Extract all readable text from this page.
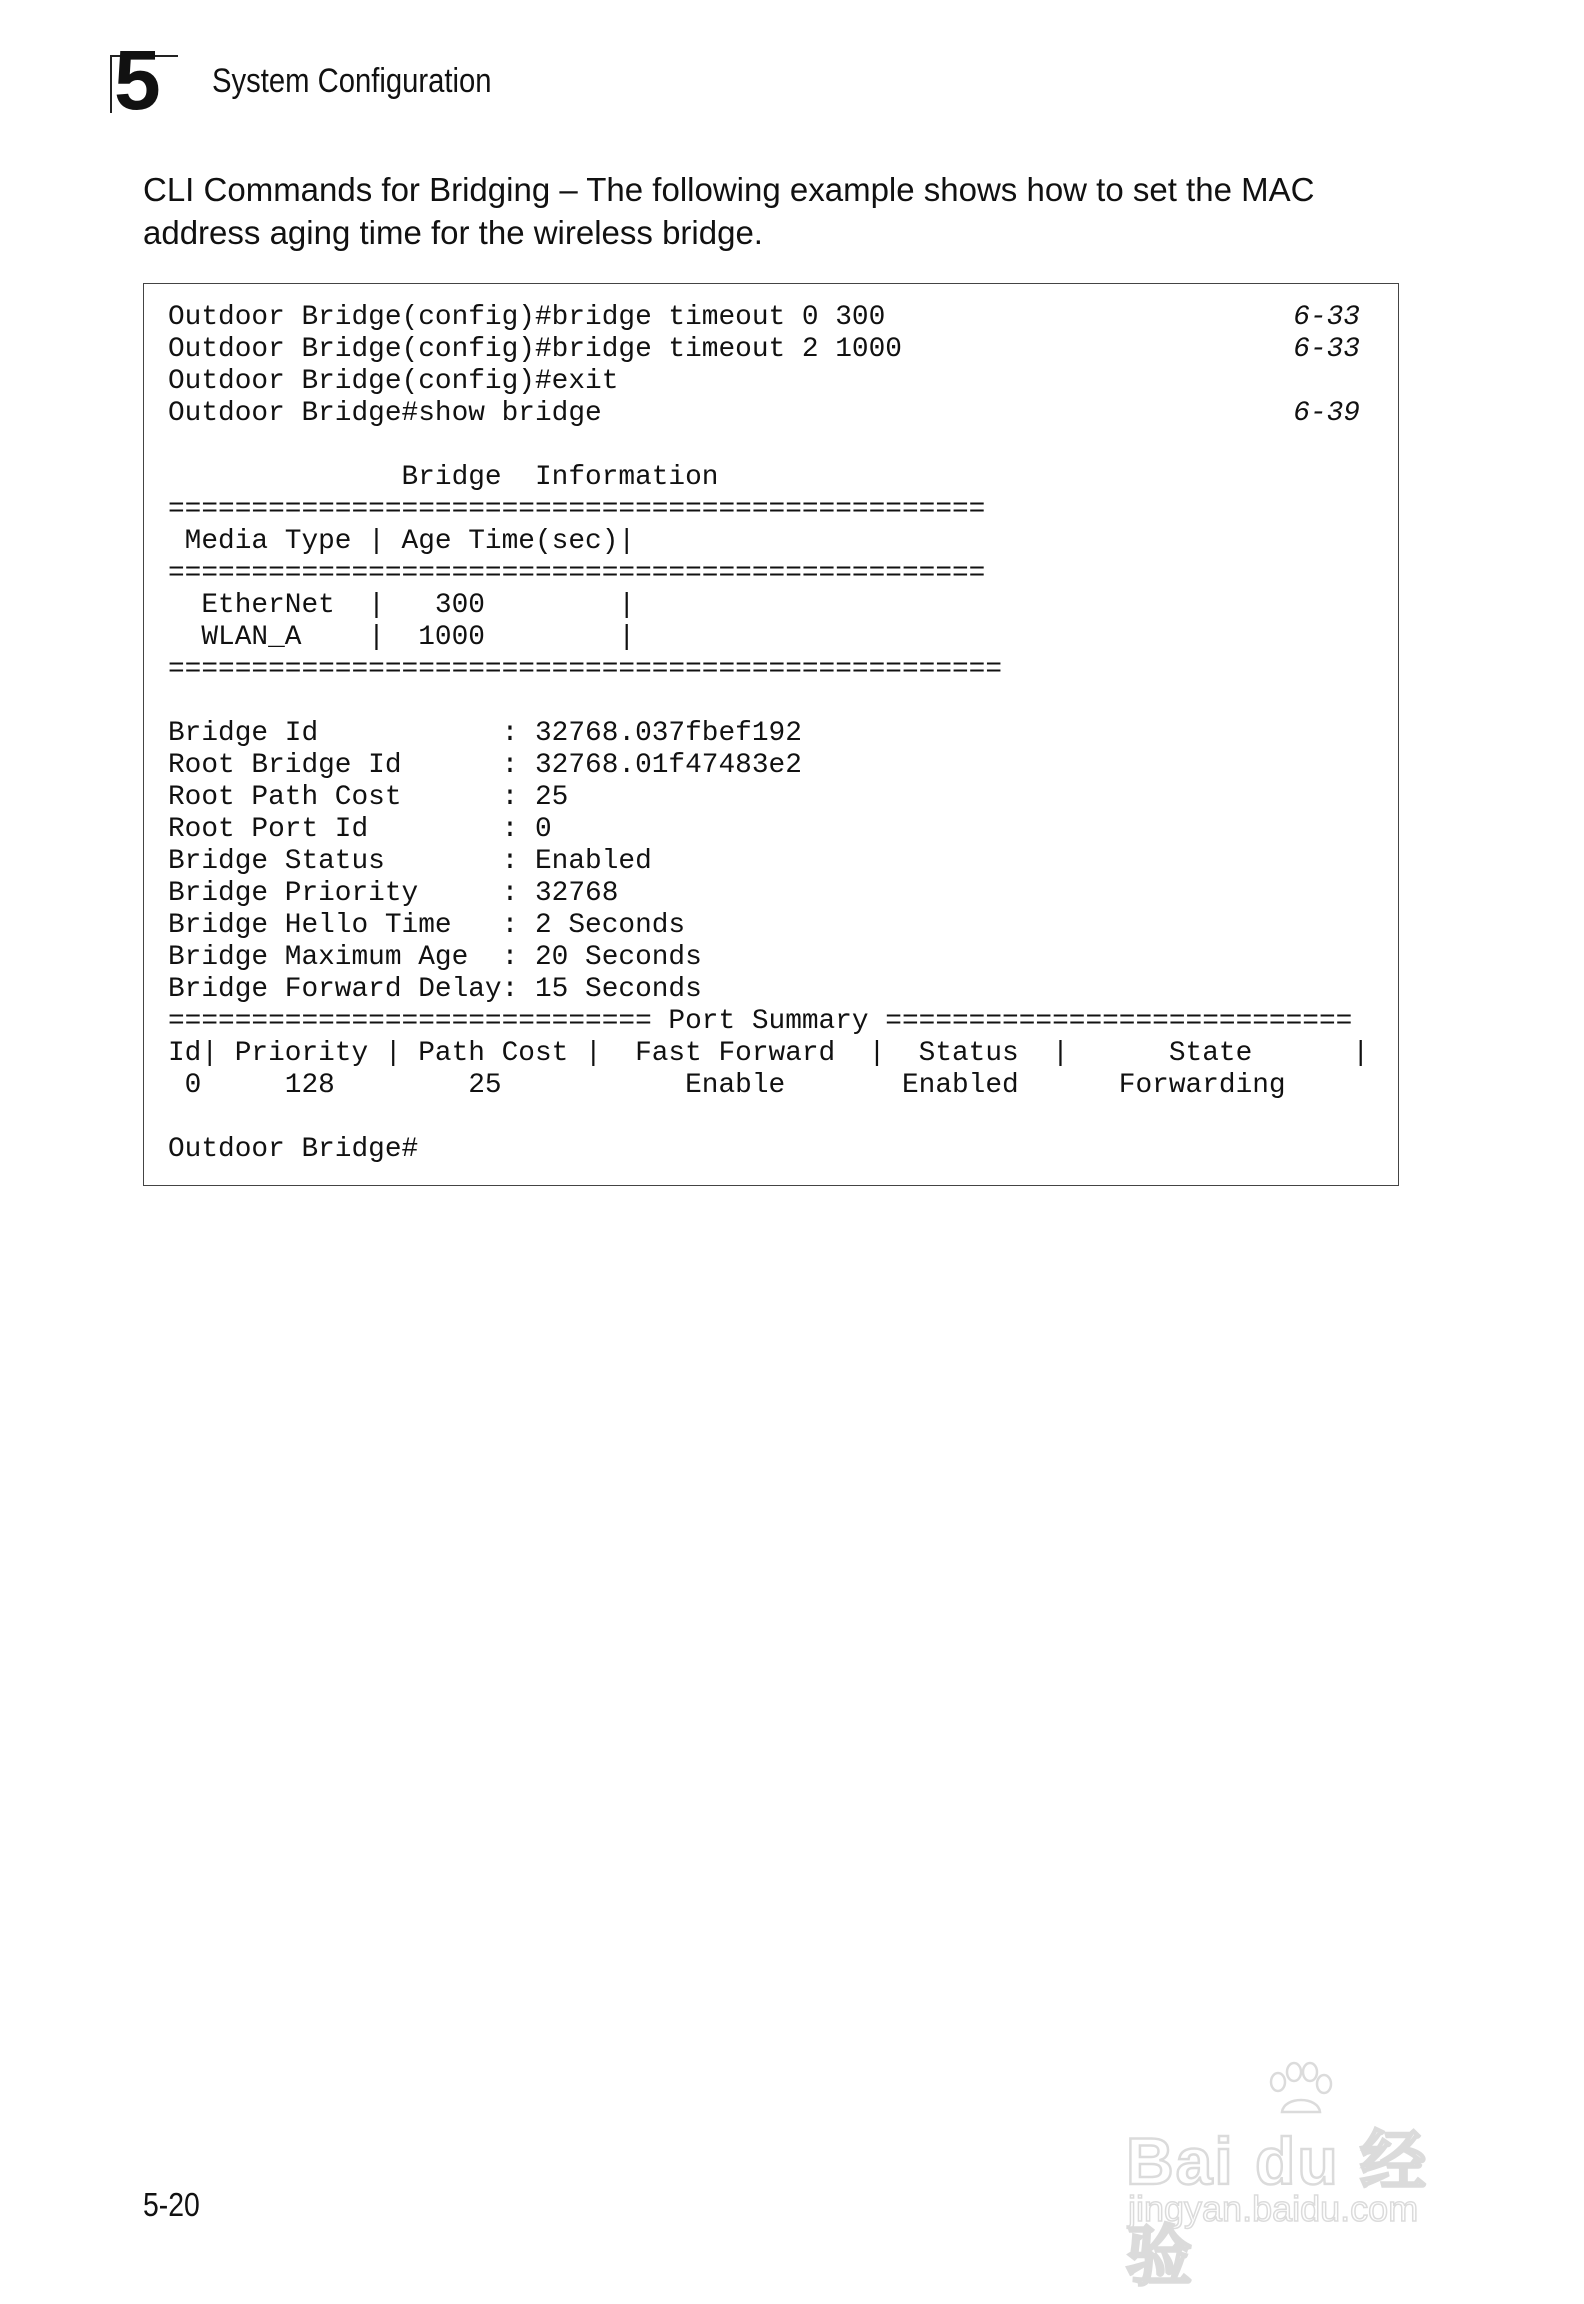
5 System Configuration
CLI Commands for Bridging – The following example shows how to set the MAC address aging time for the wireless bridge.
Outdoor Bridge(config)#bridge timeout 0 300
Outdoor Bridge(config)#bridge timeout 2 1000
Outdoor Bridge(config)#exit
Outdoor Bridge#show bridge

Bridge  Information
=================================================
Media Type | Age Time(sec)|
=================================================
EtherNet  |   300        |
WLAN_A    |  1000        |
==================================================

Bridge Id           : 32768.037fbef192
Root Bridge Id      : 32768.01f47483e2
Root Path Cost      : 25
Root Port Id        : 0
Bridge Status       : Enabled
Bridge Priority     : 32768
Bridge Hello Time   : 2 Seconds
Bridge Maximum Age  : 20 Seconds
Bridge Forward Delay: 15 Seconds
============================= Port Summary ============================
Id| Priority | Path Cost |  Fast Forward  |  Status  |      State      |
0     128        25           Enable       Enabled      Forwarding

Outdoor Bridge#
6-33
6-33
6-39
5-20
Bai du 经验
jingyan.baidu.com
